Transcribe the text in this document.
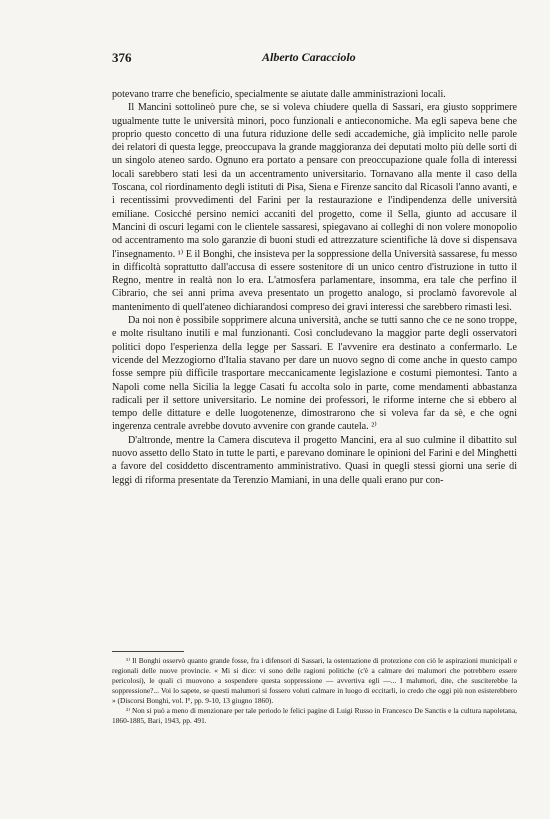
376	Alberto Caracciolo

potevano trarre che beneficio, specialmente se aiutate dalle amministrazioni locali.

Il Mancini sottolineò pure che, se si voleva chiudere quella di Sassari, era giusto sopprimere ugualmente tutte le università minori, poco funzionali e antieconomiche. Ma egli sapeva bene che proprio questo concetto di una futura riduzione delle sedi accademiche, già implicito nelle parole dei relatori di questa legge, preoccupava la grande maggioranza dei deputati molto più delle sorti di un singolo ateneo sardo. Ognuno era portato a pensare con preoccupazione quale folla di interessi locali sarebbero stati lesi da un accentramento universitario. Tornavano alla mente il caso della Toscana, col riordinamento degli istituti di Pisa, Siena e Firenze sancito dal Ricasoli l'anno avanti, e i recentissimi provvedimenti del Farini per la restaurazione e l'indipendenza delle università emiliane. Cosicché persino nemici accaniti del progetto, come il Sella, giunto ad accusare il Mancini di oscuri legami con le clientele sassaresi, spiegavano ai colleghi di non volere monopolio od accentramento ma solo garanzie di buoni studi ed attrezzature scientifiche là dove si dispensava l'insegnamento. ¹⁾ E il Bonghi, che insisteva per la soppressione della Università sassarese, fu messo in difficoltà soprattutto dall'accusa di essere sostenitore di un unico centro d'istruzione in tutto il Regno, mentre in realtà non lo era. L'atmosfera parlamentare, insomma, era tale che perfino il Cibrario, che sei anni prima aveva presentato un progetto analogo, si proclamò favorevole al mantenimento di quell'ateneo dichiarandosi compreso dei gravi interessi che sarebbero rimasti lesi.

Da noi non è possibile sopprimere alcuna università, anche se tutti sanno che ce ne sono troppe, e molte risultano inutili e mal funzionanti. Così concludevano la maggior parte degli osservatori politici dopo l'esperienza della legge per Sassari. E l'avvenire era destinato a confermarlo. Le vicende del Mezzogiorno d'Italia stavano per dare un nuovo segno di come anche in questo campo fosse sempre più difficile trasportare meccanicamente legislazione e costumi piemontesi. Tanto a Napoli come nella Sicilia la legge Casati fu accolta solo in parte, come mendamenti abbastanza radicali per il settore universitario. Le nomine dei professori, le riforme interne che si ebbero al tempo delle dittature e delle luogotenenze, dimostrarono che si voleva far da sè, e che ogni ingerenza centrale avrebbe dovuto avvenire con grande cautela. ²⁾

D'altronde, mentre la Camera discuteva il progetto Mancini, era al suo culmine il dibattito sul nuovo assetto dello Stato in tutte le parti, e parevano dominare le opinioni del Farini e del Minghetti a favore del cosiddetto discentramento amministrativo. Quasi in quegli stessi giorni una serie di leggi di riforma presentate da Terenzio Mamiani, in una delle quali erano pur con-

¹⁾ Il Bonghi osservò quanto grande fosse, fra i difensori di Sassari, la ostentazione di protezione con ciò le aspirazioni municipali e regionali delle nuove provincie. « Mi si dice: vi sono delle ragioni politiche (c'è a calmare dei malumori che potrebbero essere pericolosi), le quali ci muovono a sospendere questa soppressione — avvertiva egli —... I malumori, dite, che susciterebbe la soppressione?... Voi lo sapete, se questi malumori si fossero voluti calmare in luogo di eccitarli, io credo che oggi più non esisterebbero » (Discorsi Bonghi, vol. I°, pp. 9-10, 13 giugno 1860).

²⁾ Non si può a meno di menzionare per tale periodo le felici pagine di Luigi Russo in Francesco De Sanctis e la cultura napoletana, 1860-1885, Bari, 1943, pp. 491.
